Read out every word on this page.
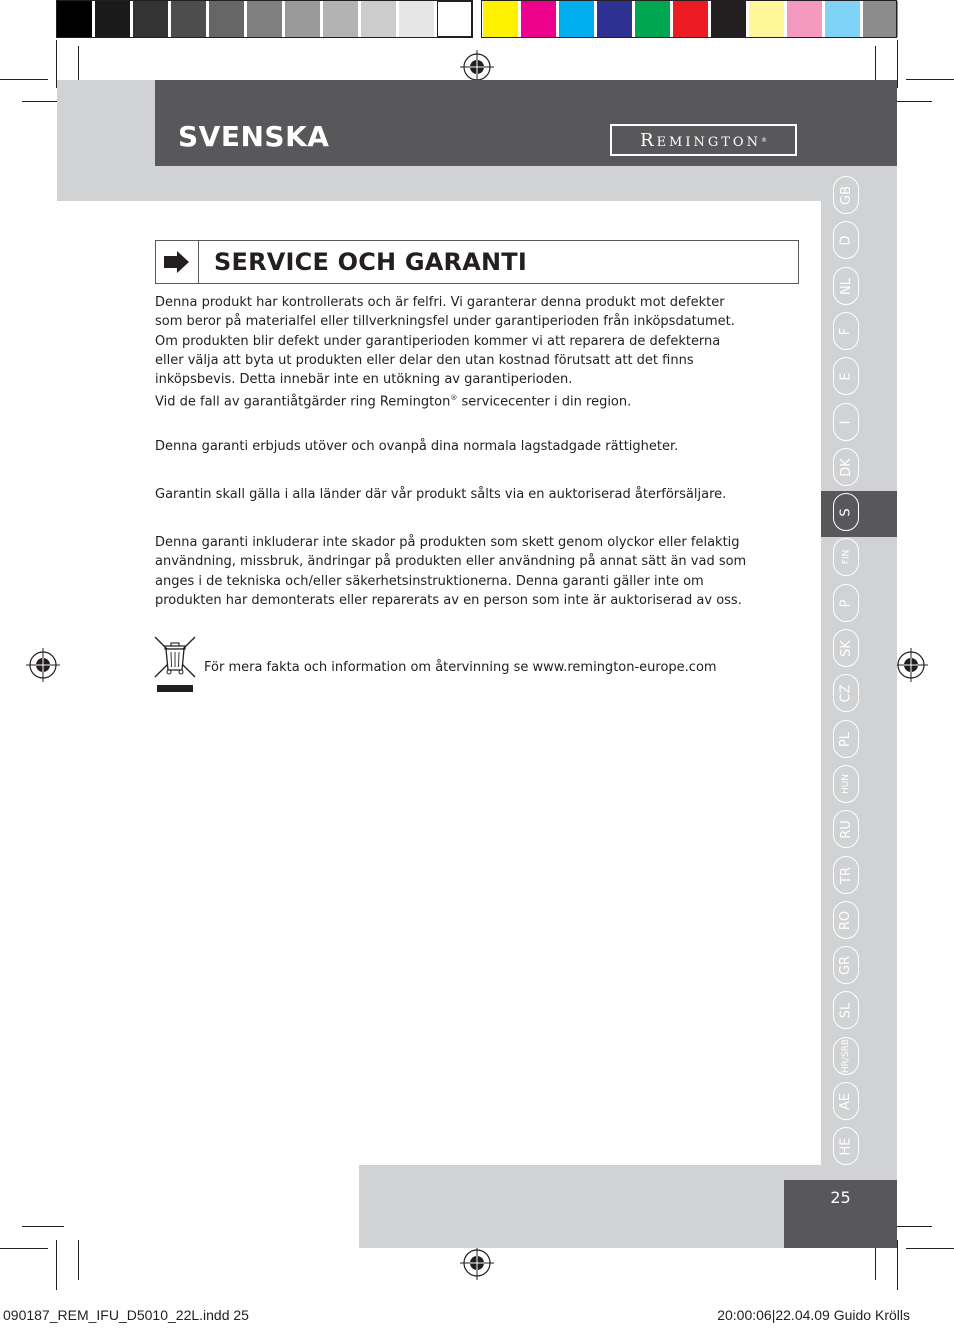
SVENSKA	Remington ®
GB
D
NL
F
E
I
DK
S
FIN
P
SK
CZ
PL
HUN
RU
TR
RO
GR
SL
HR/SRB
AE
HE
SERVICE OCH GARANTI
Denna produkt har kontrollerats och är felfri. Vi garanterar denna produkt mot defekter
som beror på materialfel eller tillverkningsfel under garantiperioden från inköpsdatumet.
Om produkten blir defekt under garantiperioden kommer vi att reparera de defekterna
eller välja att byta ut produkten eller delar den utan kostnad förutsatt att det finns
inköpsbevis. Detta innebär inte en utökning av garantiperioden.
Vid de fall av garantiåtgärder ring Remington® servicecenter i din region.
Denna garanti erbjuds utöver och ovanpå dina normala lagstadgade rättigheter.
Garantin skall gälla i alla länder där vår produkt sålts via en auktoriserad återförsäljare.
Denna garanti inkluderar inte skador på produkten som skett genom olyckor eller felaktig
användning, missbruk, ändringar på produkten eller användning på annat sätt än vad som
anges i de tekniska och/eller säkerhetsinstruktionerna. Denna garanti gäller inte om
produkten har demonterats eller reparerats av en person som inte är auktoriserad av oss.
För mera fakta och information om återvinning se www.remington-europe.com
25
090187_REM_IFU_D5010_22L.indd 25	20:00:06|22.04.09 Guido Krölls
